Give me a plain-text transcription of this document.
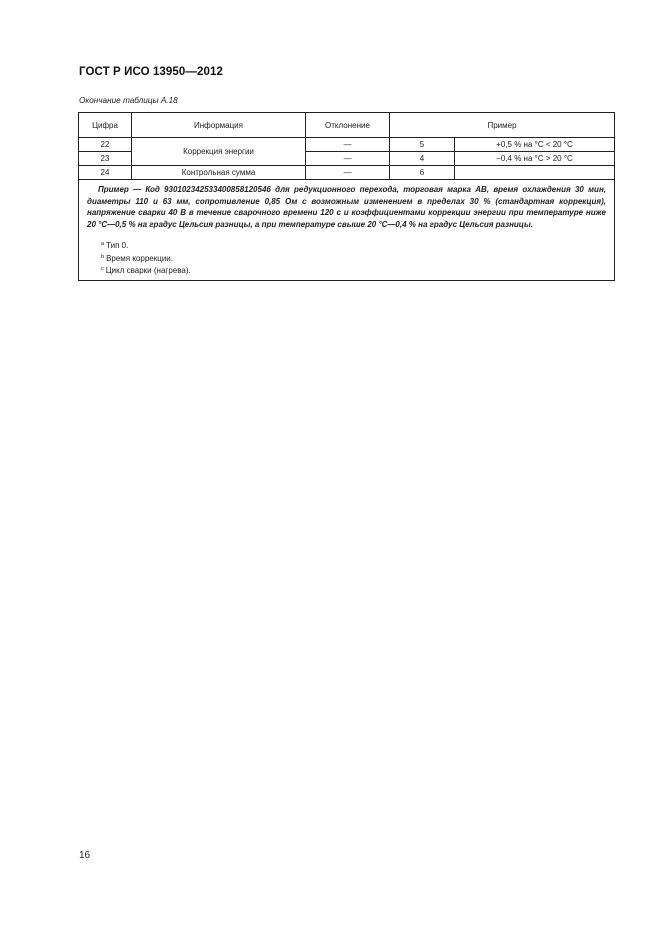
ГОСТ Р ИСО 13950—2012
Окончание таблицы А.18
Цифра	Информация	Отклонение	Пример	
22	Коррекция энергии	—	5	+0,5 % на °С < 20 °С
23		—	4	−0,4 % на °С > 20 °С
24	Контрольная сумма	—	6	

Пример — Код 930102342533400858120546 для редукционного перехода, торговая марка АВ, время охлаждения 30 мин, диаметры 110 и 63 мм, сопротивление 0,85 Ом с возможным изменением в пределах 30 % (стандартная коррекция), напряжение сварки 40 В в течение сварочного времени 120 с и коэффициентами коррекции энергии при температуре ниже 20 °С—0,5 % на градус Цельсия разницы, а при температуре свыше 20 °С—0,4 % на градус Цельсия разницы.

$^a$ Тип 0.
$^b$ Время коррекции.
$^c$ Цикл сварки (нагрева).				
16
